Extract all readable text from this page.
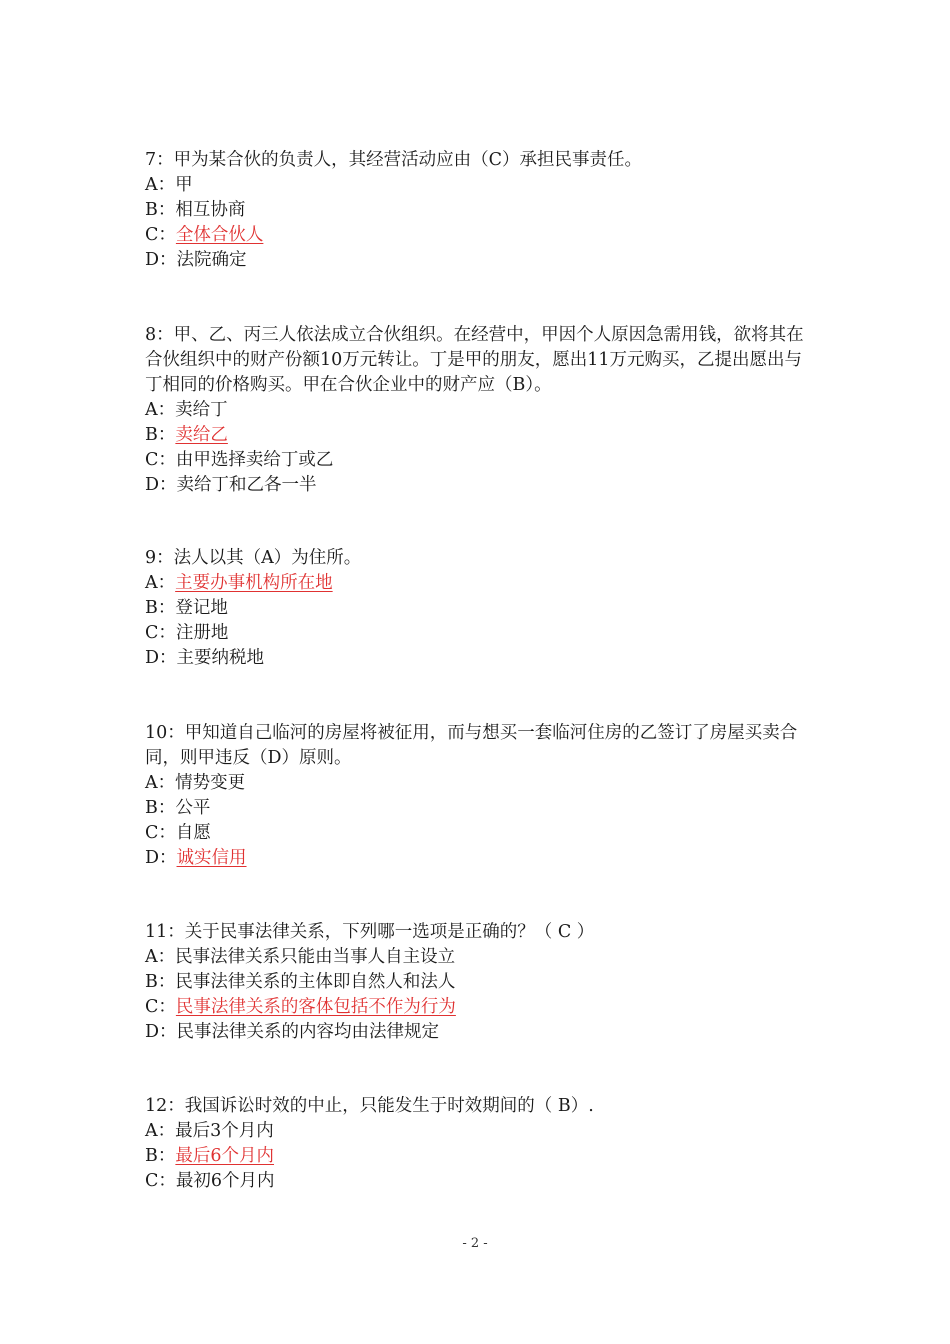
7：甲为某合伙的负责人，其经营活动应由（C）承担民事责任。

A：甲
B：相互协商
C：全体合伙人
D：法院确定

8：甲、乙、丙三人依法成立合伙组织。在经营中，甲因个人原因急需用钱，欲将其在合伙组织中的财产份额10万元转让。丁是甲的朋友，愿出11万元购买，乙提出愿出与丁相同的价格购买。甲在合伙企业中的财产应（B）。

A：卖给丁
B：卖给乙
C：由甲选择卖给丁或乙
D：卖给丁和乙各一半

9：法人以其（A）为住所。

A：主要办事机构所在地
B：登记地
C：注册地
D：主要纳税地

10：甲知道自己临河的房屋将被征用，而与想买一套临河住房的乙签订了房屋买卖合同，则甲违反（D）原则。

A：情势变更
B：公平
C：自愿
D：诚实信用

11：关于民事法律关系，下列哪一选项是正确的？（ C ）

A：民事法律关系只能由当事人自主设立
B：民事法律关系的主体即自然人和法人
C：民事法律关系的客体包括不作为行为
D：民事法律关系的内容均由法律规定

12：我国诉讼时效的中止，只能发生于时效期间的（ B）.

A：最后3个月内
B：最后6个月内
C：最初6个月内
- 2 -
